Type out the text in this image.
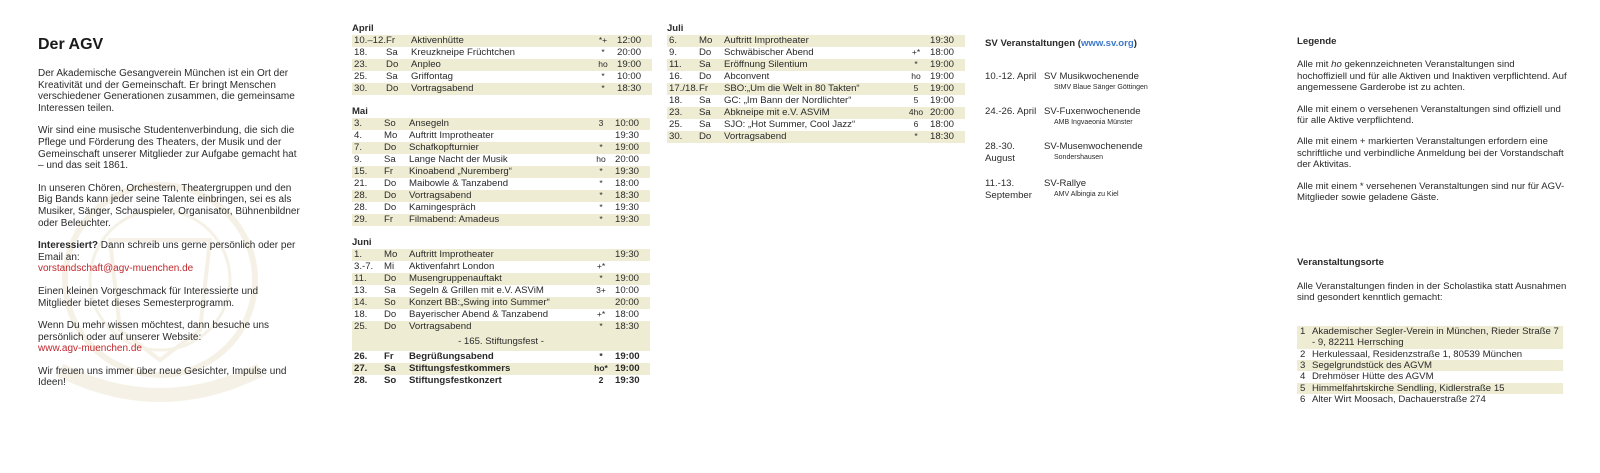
Der AGV

Der Akademische Gesangverein München ist ein Ort der Kreativität und der Gemeinschaft. Er bringt Menschen verschiedener Generationen zusammen, die gemeinsame Interessen teilen.

Wir sind eine musische Studentenverbindung, die sich die Pflege und Förderung des Theaters, der Musik und der Gemeinschaft unserer Mitglieder zur Aufgabe gemacht hat – und das seit 1861.

In unseren Chören, Orchestern, Theatergruppen und den Big Bands kann jeder seine Talente einbringen, sei es als Musiker, Sänger, Schauspieler, Organisator, Bühnenbildner oder Beleuchter.

Interessiert? Dann schreib uns gerne persönlich oder per Email an:
vorstandschaft@agv-muenchen.de

Einen kleinen Vorgeschmack für Interessierte und Mitglieder bietet dieses Semesterprogramm.

Wenn Du mehr wissen möchtest, dann besuche uns persönlich oder auf unserer Website:
www.agv-muenchen.de

Wir freuen uns immer über neue Gesichter, Impulse und Ideen!

April
10.–12.	Fr	Aktivenhütte	*+	12:00
18.	Sa	Kreuzkneipe Früchtchen	*	20:00
23.	Do	Anpleo	ho	19:00
25.	Sa	Griffontag	*	10:00
30.	Do	Vortragsabend	*	18:30
Mai
3.	So	Ansegeln	3	10:00
4.	Mo	Auftritt Improtheater		19:30
7.	Do	Schafkopfturnier	*	19:00
9.	Sa	Lange Nacht der Musik	ho	20:00
15.	Fr	Kinoabend „Nuremberg“	*	19:30
21.	Do	Maibowle & Tanzabend	*	18:00
28.	Do	Vortragsabend	*	18:30
28.	Do	Kamingespräch	*	19:30
29.	Fr	Filmabend: Amadeus	*	19:30
Juni
1.	Mo	Auftritt Improtheater		19:30
3.-7.	Mi	Aktivenfahrt London	+*	
11.	Do	Musengruppenauftakt	*	19:00
13.	Sa	Segeln & Grillen mit e.V. ASViM	3+	10:00
14.	So	Konzert BB:„Swing into Summer“		20:00
18.	Do	Bayerischer Abend & Tanzabend	+*	18:00
25.	Do	Vortragsabend	*	18:30
- 165. Stiftungsfest -				
26.	Fr	Begrüßungsabend	*	19:00
27.	Sa	Stiftungsfestkommers	ho*	19:00
28.	So	Stiftungsfestkonzert	2	19:30
Juli
6.	Mo	Auftritt Improtheater		19:30
9.	Do	Schwäbischer Abend	+*	18:00
11.	Sa	Eröffnung Silentium	*	19:00
16.	Do	Abconvent	ho	19:00
17./18.	Fr	SBO:„Um die Welt in 80 Takten“	5	19:00
18.	Sa	GC: „Im Bann der Nordlichter“	5	19:00
23.	Sa	Abkneipe mit e.V. ASViM	4ho	20:00
25.	Sa	SJO: „Hot Summer, Cool Jazz“	6	18:00
30.	Do	Vortragsabend	*	18:30
SV Veranstaltungen (www.sv.org)
10.-12. April SV Musikwochenende
StMV Blaue Sänger Göttingen
24.-26. April SV-Fuxenwochenende
AMB Ingvaeonia Münster
28.-30. August
SV-Musenwochenende
Sondershausen
11.-13. September
SV-Rallye
AMV Albingia zu Kiel
Legende

Alle mit ho gekennzeichneten Veranstaltungen sind hochoffiziell und für alle Aktiven und Inaktiven verpflichtend. Auf angemessene Garderobe ist zu achten.

Alle mit einem o versehenen Veranstaltungen sind offiziell und für alle Aktive verpflichtend.

Alle mit einem + markierten Veranstaltungen erfordern eine schriftliche und verbindliche Anmeldung bei der Vorstandschaft der Aktivitas.

Alle mit einem * versehenen Veranstaltungen sind nur für AGV-Mitglieder sowie geladene Gäste.

Veranstaltungsorte
Alle Veranstaltungen finden in der Scholastika statt Ausnahmen sind gesondert kenntlich gemacht:
1	Akademischer Segler-Verein in München, Rieder Straße 7 - 9, 82211 Herrsching
2	Herkulessaal, Residenzstraße 1, 80539 München
3	Segelgrundstück des AGVM
4	Drehmöser Hütte des AGVM
5	Himmelfahrtskirche Sendling, Kidlerstraße 15
6	Alter Wirt Moosach, Dachauerstraße 274
